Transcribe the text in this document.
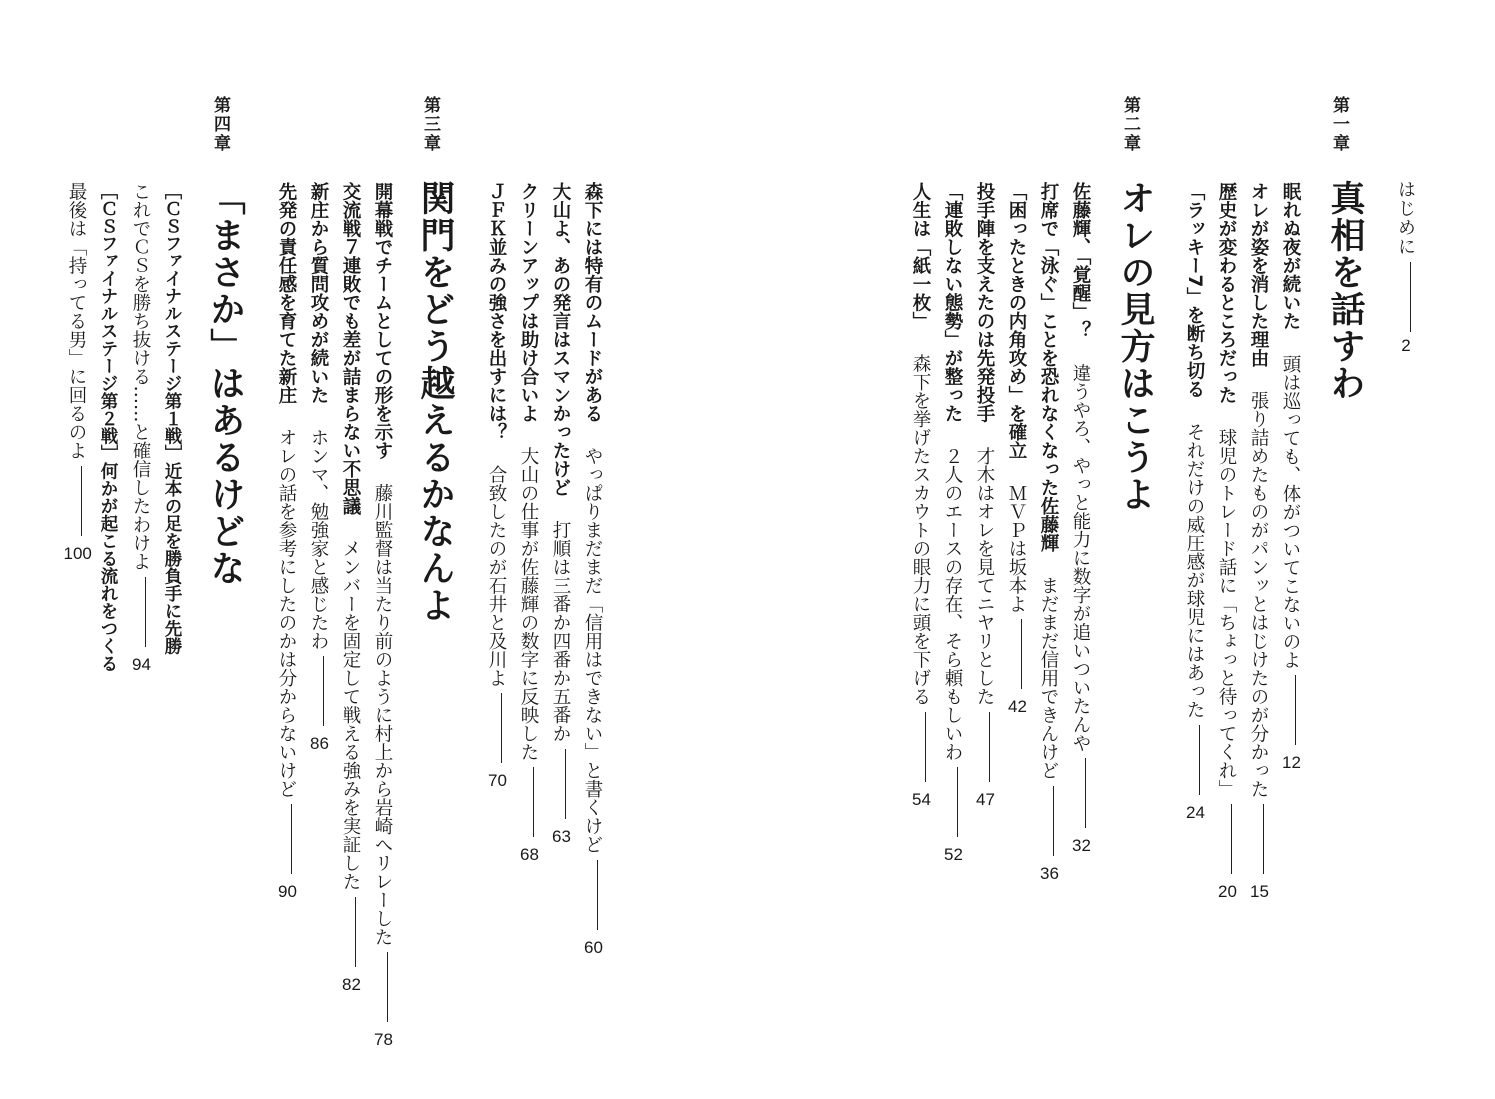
はじめに2
第一章
真相を話すわ
眠れぬ夜が続いた 　頭は巡っても、体がついてこないのよ12
オレが姿を消した理由 　張り詰めたものがパンッとはじけたのが分かった15
歴史が変わるところだった 　球児のトレード話に「ちょっと待ってくれ」20
「ラッキー7」を断ち切る 　それだけの威圧感が球児にはあった24
第二章
オレの見方はこうよ
佐藤輝、「覚醒」？ 　違うやろ、やっと能力に数字が追いついたんや32
打席で「泳ぐ」ことを恐れなくなった佐藤輝 　まだまだ信用できんけど36
「困ったときの内角攻め」を確立 　ＭＶＰは坂本よ42
投手陣を支えたのは先発投手 　才木はオレを見てニヤリとした47
「連敗しない態勢」が整った 　２人のエースの存在、そら頼もしいわ52
人生は「紙一枚」 　森下を挙げたスカウトの眼力に頭を下げる54
第三章
関門をどう越えるかなんよ	森下には特有のムードがある 　やっぱりまだまだ「信用はできない」と書くけど60
大山よ、あの発言はスマンかったけど 　打順は三番か四番か五番か63
クリーンアップは助け合いよ 　大山の仕事が佐藤輝の数字に反映した68
ＪＦＫ並みの強さを出すには？ 　合致したのが石井と及川よ70
開幕戦でチームとしての形を示す 　藤川監督は当たり前のように村上から岩崎へリレーした78
交流戦７連敗でも差が詰まらない不思議 　メンバーを固定して戦える強みを実証した82
新庄から質問攻めが続いた 　ホンマ、勉強家と感じたわ86
先発の責任感を育てた新庄 　オレの話を参考にしたのかは分からないけど90
第四章
「まさか」はあるけどな
［ＣＳファイナルステージ第１戦］近本の足を勝負手に先勝
これでＣＳを勝ち抜ける……と確信したわけよ94
［ＣＳファイナルステージ第２戦］何かが起こる流れをつくる
最後は「持ってる男」に回るのよ100
